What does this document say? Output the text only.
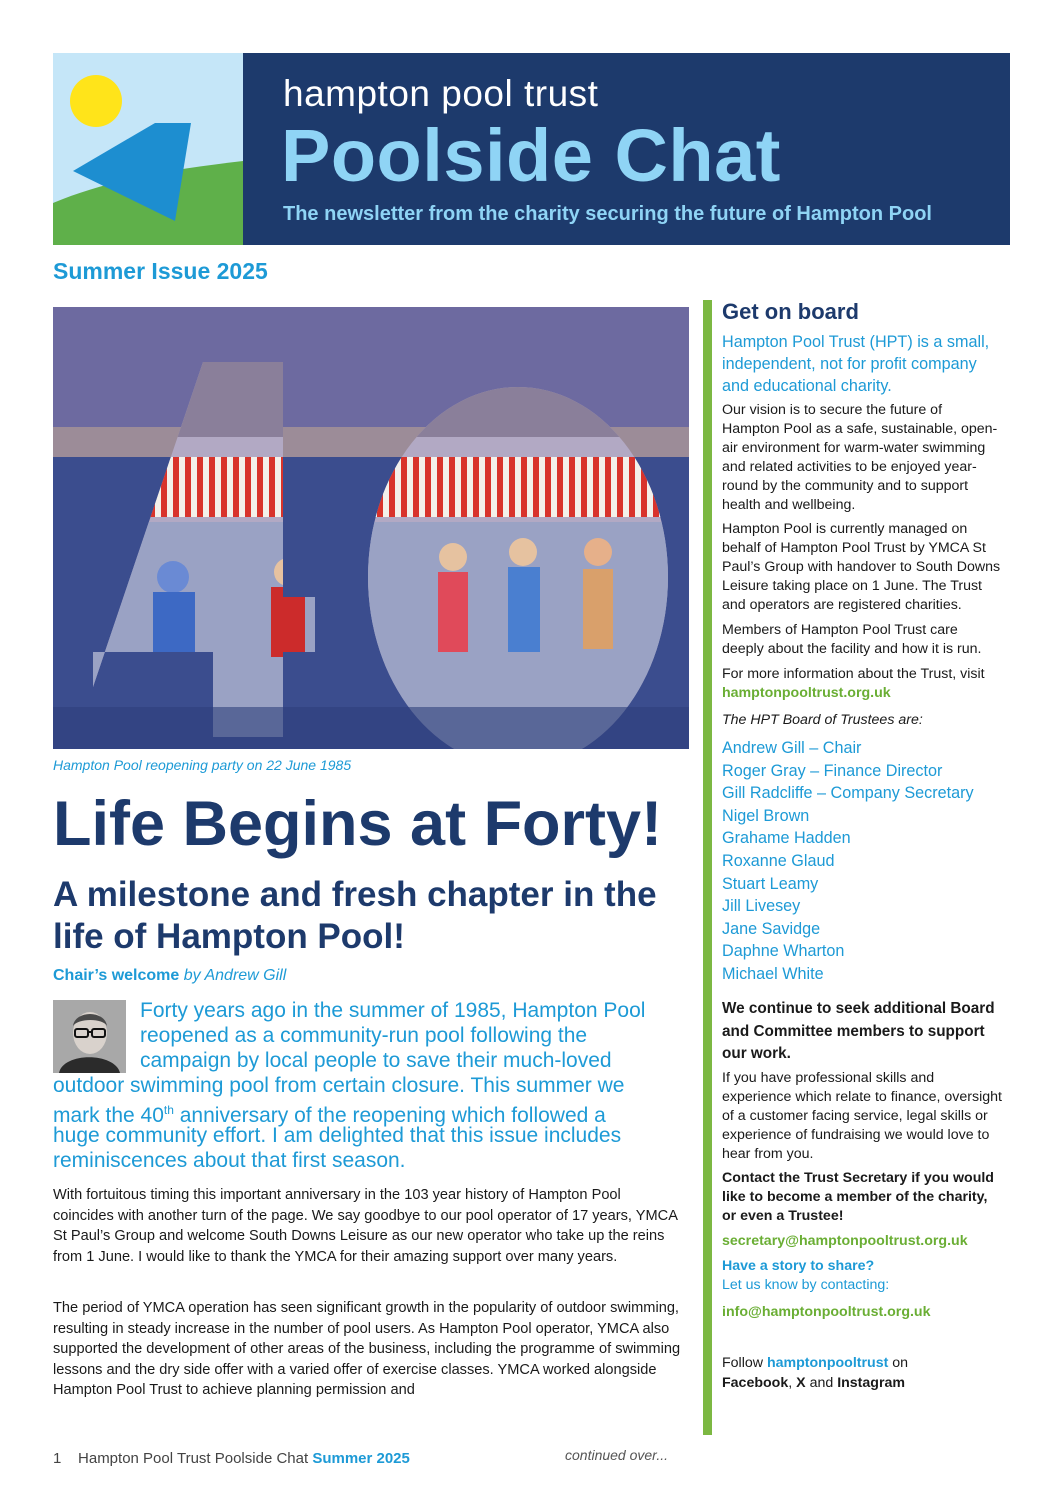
hampton pool trust
Poolside Chat
The newsletter from the charity securing the future of Hampton Pool
Summer Issue 2025
Hampton Pool reopening party on 22 June 1985
Life Begins at Forty!
A milestone and fresh chapter in the life of Hampton Pool!
Chair’s welcome by Andrew Gill
Forty years ago in the summer of 1985, Hampton Pool
reopened as a community-run pool following the
campaign by local people to save their much-loved
outdoor swimming pool from certain closure. This summer we
mark the 40th anniversary of the reopening which followed a
huge community effort. I am delighted that this issue includes
reminiscences about that first season.
With fortuitous timing this important anniversary in the 103 year history of Hampton Pool coincides with another turn of the page. We say goodbye to our pool operator of 17 years, YMCA St Paul’s Group and welcome South Downs Leisure as our new operator who take up the reins from 1 June. I would like to thank the YMCA for their amazing support over many years.
The period of YMCA operation has seen significant growth in the popularity of outdoor swimming, resulting in steady increase in the number of pool users. As Hampton Pool operator, YMCA also supported the development of other areas of the business, including the programme of swimming lessons and the dry side offer with a varied offer of exercise classes. YMCA worked alongside Hampton Pool Trust to achieve planning permission and
continued over...
1 Hampton Pool Trust Poolside Chat Summer 2025
Get on board
Hampton Pool Trust (HPT) is a small, independent, not for profit company and educational charity.
Our vision is to secure the future of Hampton Pool as a safe, sustainable, open-air environment for warm-water swimming and related activities to be enjoyed year-round by the community and to support health and wellbeing.
Hampton Pool is currently managed on behalf of Hampton Pool Trust by YMCA St Paul’s Group with handover to South Downs Leisure taking place on 1 June. The Trust and operators are registered charities.
Members of Hampton Pool Trust care deeply about the facility and how it is run.
For more information about the Trust, visit hamptonpooltrust.org.uk
The HPT Board of Trustees are:
Andrew Gill – Chair
Roger Gray – Finance Director
Gill Radcliffe – Company Secretary
Nigel Brown
Grahame Hadden
Roxanne Glaud
Stuart Leamy
Jill Livesey
Jane Savidge
Daphne Wharton
Michael White
We continue to seek additional Board and Committee members to support our work.
If you have professional skills and experience which relate to finance, oversight of a customer facing service, legal skills or experience of fundraising we would love to hear from you.
Contact the Trust Secretary if you would like to become a member of the charity, or even a Trustee!
secretary@hamptonpooltrust.org.uk
Have a story to share?
Let us know by contacting:
info@hamptonpooltrust.org.uk
Follow hamptonpooltrust on
Facebook, X and Instagram
